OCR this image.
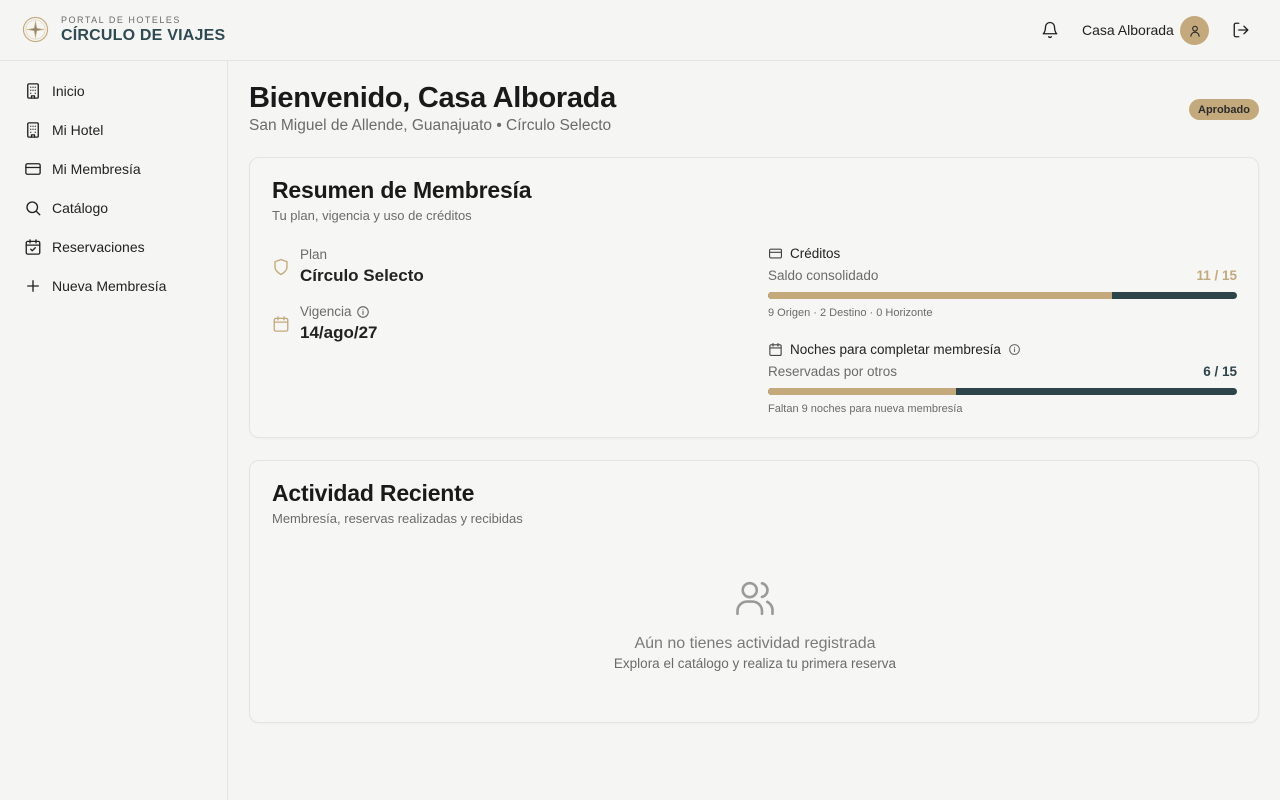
PORTAL DE HOTELES
CÍRCULO DE VIAJES	Casa Alborada
Inicio
Mi Hotel
Mi Membresía
Catálogo
Reservaciones
Nueva Membresía
Bienvenido, Casa Alborada
San Miguel de Allende, Guanajuato • Círculo Selecto
Aprobado
Resumen de Membresía
Tu plan, vigencia y uso de créditos
Plan
Círculo Selecto
Vigencia
14/ago/27
Créditos
Saldo consolidado	11 / 15
9 Origen · 2 Destino · 0 Horizonte
Noches para completar membresía
Reservadas por otros	6 / 15
Faltan 9 noches para nueva membresía
Actividad Reciente
Membresía, reservas realizadas y recibidas
Aún no tienes actividad registrada
Explora el catálogo y realiza tu primera reserva
